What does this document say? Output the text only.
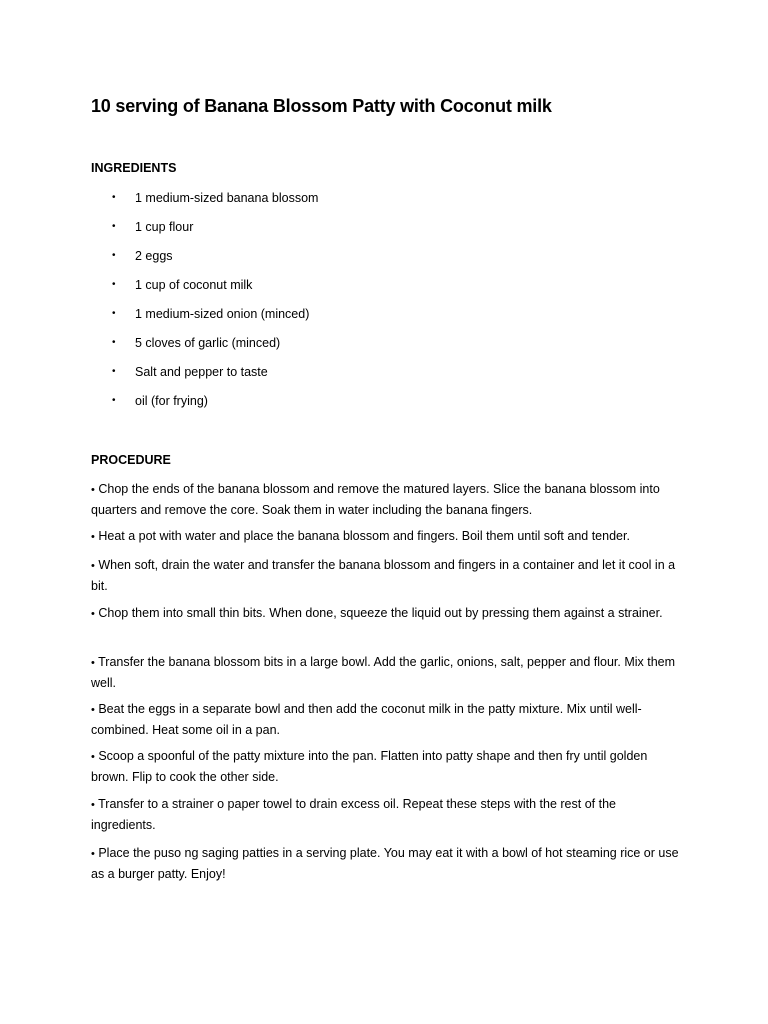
10 serving of Banana Blossom Patty with Coconut milk
INGREDIENTS
• 1 medium-sized banana blossom
• 1 cup flour
• 2 eggs
• 1 cup of coconut milk
• 1 medium-sized onion (minced)
• 5 cloves of garlic (minced)
• Salt and pepper to taste
• oil (for frying)
PROCEDURE

• Chop the ends of the banana blossom and remove the matured layers. Slice the banana blossom into quarters and remove the core. Soak them in water including the banana fingers.

• Heat a pot with water and place the banana blossom and fingers. Boil them until soft and tender.

• When soft, drain the water and transfer the banana blossom and fingers in a container and let it cool in a bit.

• Chop them into small thin bits. When done, squeeze the liquid out by pressing them against a strainer.

• Transfer the banana blossom bits in a large bowl. Add the garlic, onions, salt, pepper and flour. Mix them well.

• Beat the eggs in a separate bowl and then add the coconut milk in the patty mixture. Mix until well-combined. Heat some oil in a pan.

• Scoop a spoonful of the patty mixture into the pan. Flatten into patty shape and then fry until golden brown. Flip to cook the other side.

• Transfer to a strainer o paper towel to drain excess oil. Repeat these steps with the rest of the ingredients.

• Place the puso ng saging patties in a serving plate. You may eat it with a bowl of hot steaming rice or use as a burger patty. Enjoy!
